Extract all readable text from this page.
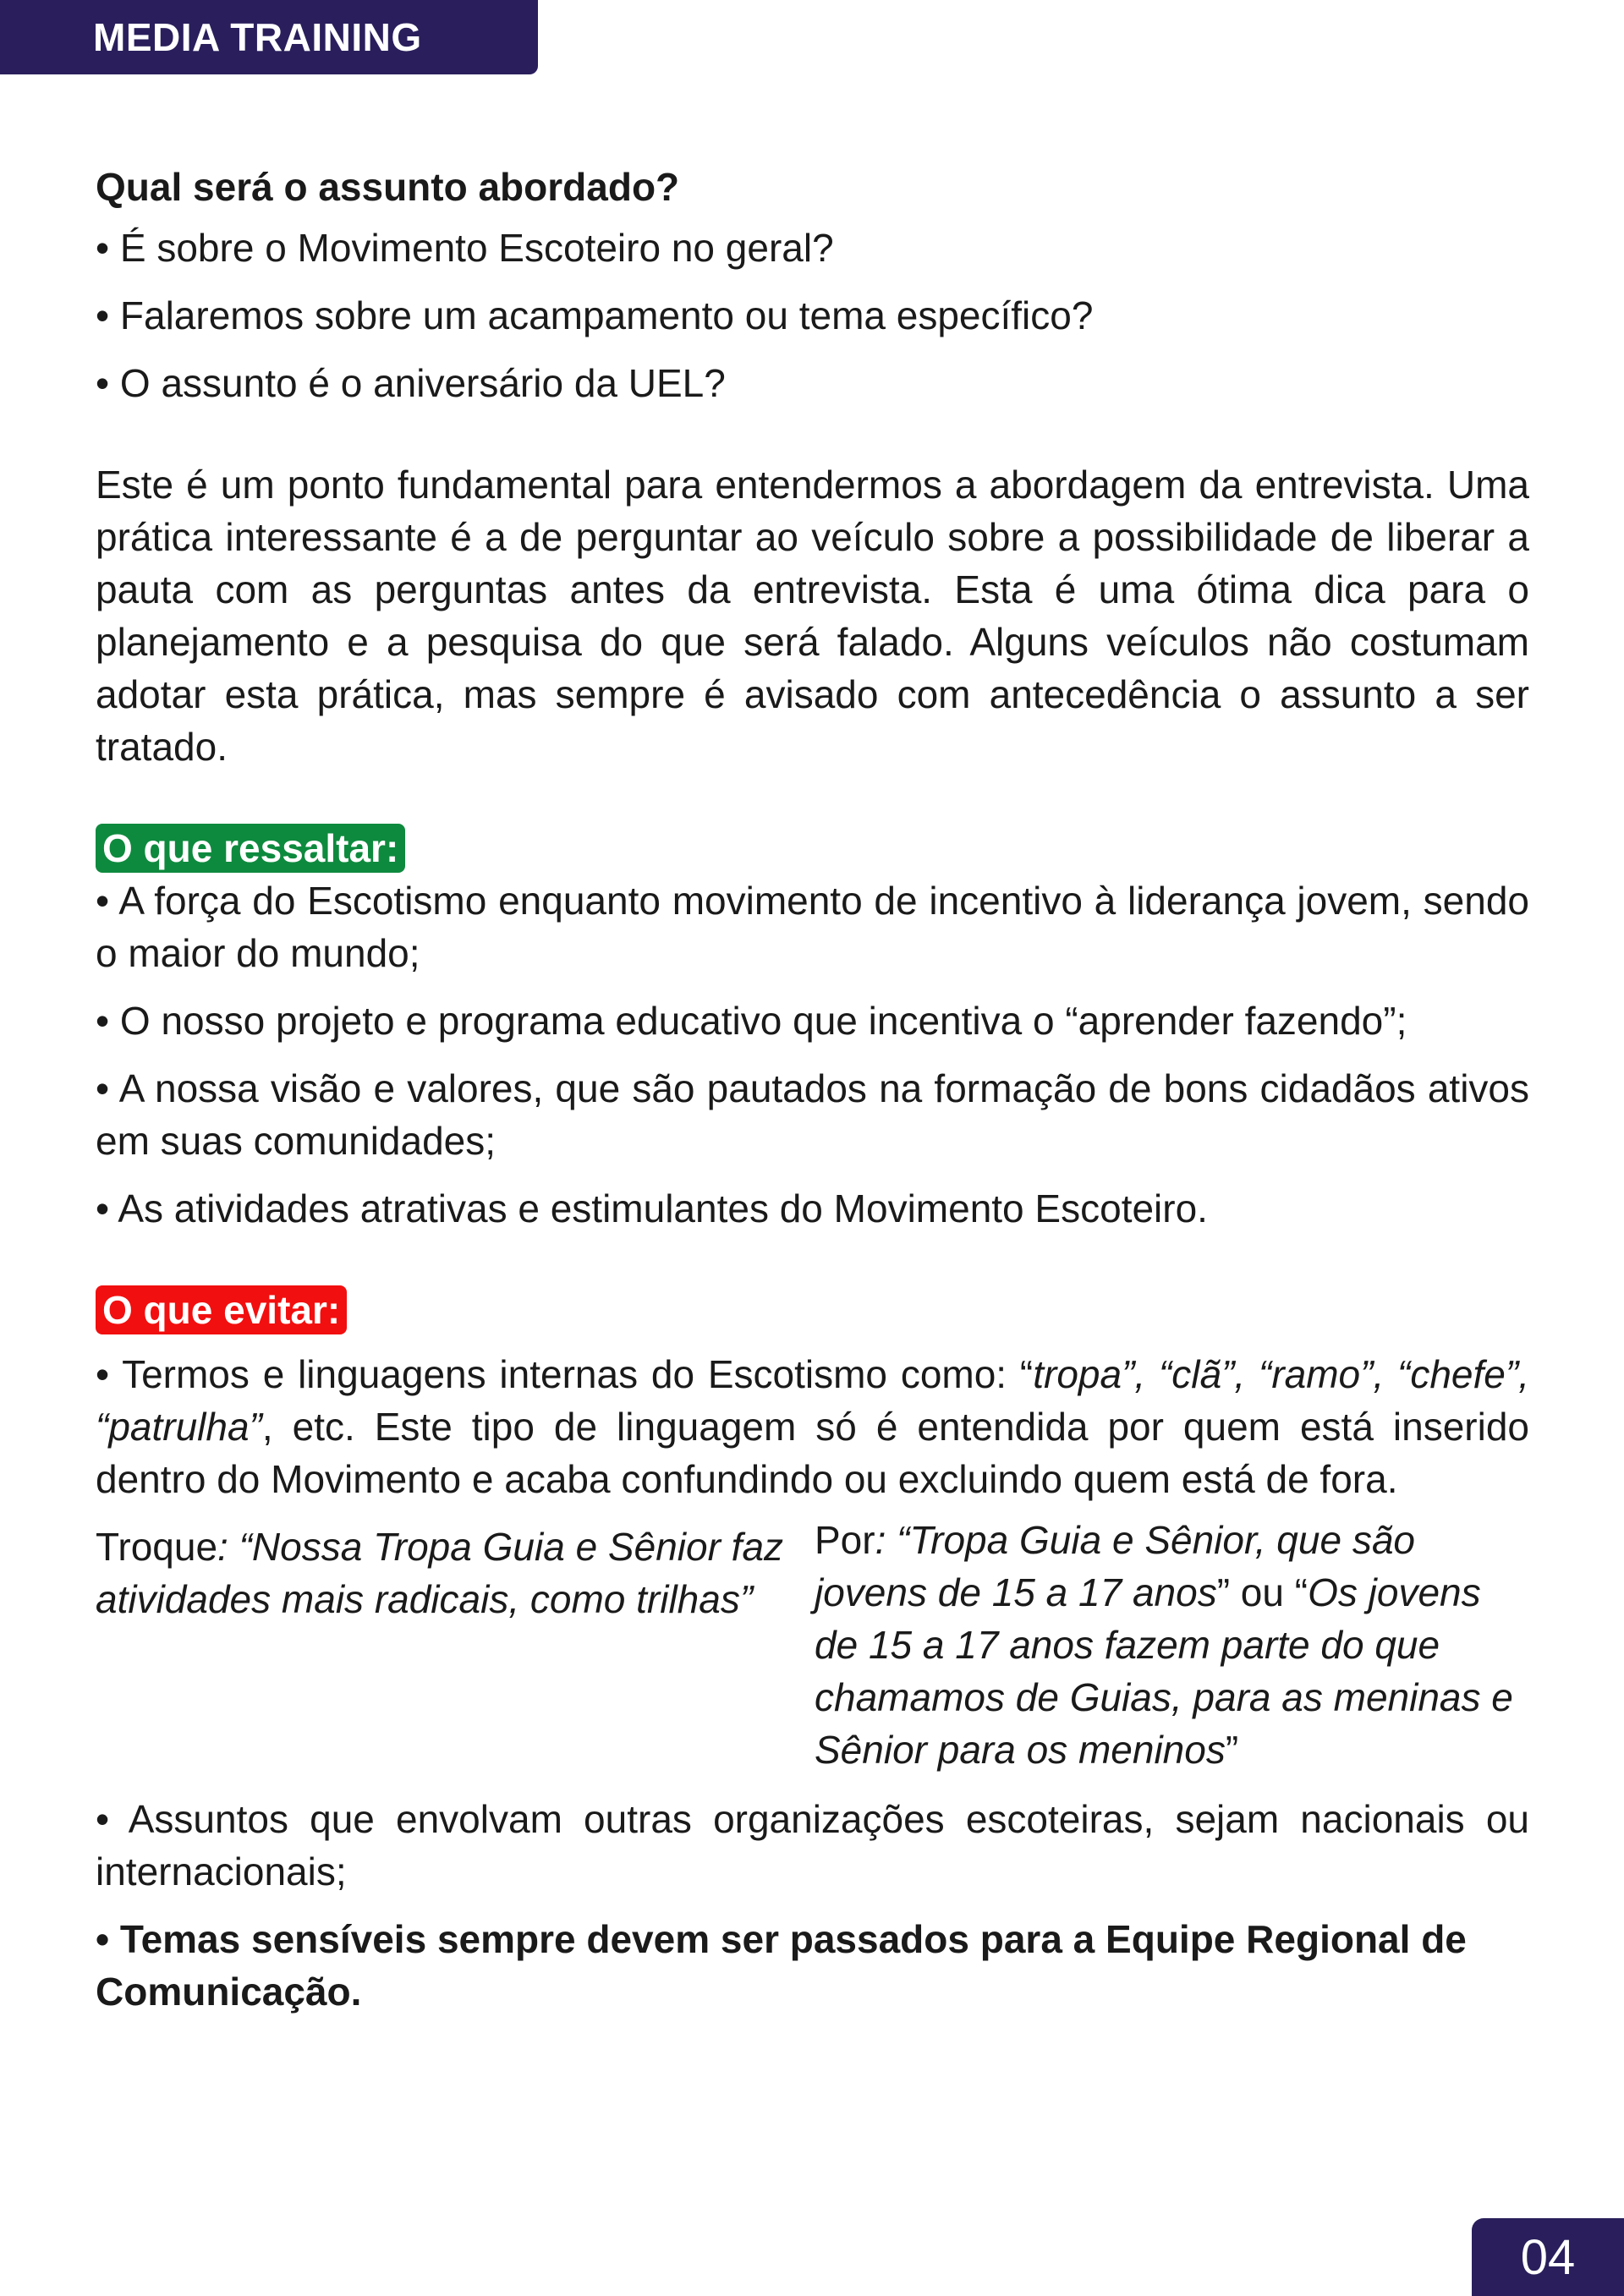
MEDIA TRAINING

Qual será o assunto abordado?

• É sobre o Movimento Escoteiro no geral?

• Falaremos sobre um acampamento ou tema específico?

• O assunto é o aniversário da UEL?

Este é um ponto fundamental para entendermos a abordagem da entrevista. Uma prática interessante é a de perguntar ao veículo sobre a possibilidade de liberar a pauta com as perguntas antes da entrevista. Esta é uma ótima dica para o planejamento e a pesquisa do que será falado. Alguns veículos não costumam adotar esta prática, mas sempre é avisado com antecedência o assunto a ser tratado.

O que ressaltar:

• A força do Escotismo enquanto movimento de incentivo à liderança jovem, sendo o maior do mundo;

• O nosso projeto e programa educativo que incentiva o “aprender fazendo”;

• A nossa visão e valores, que são pautados na formação de bons cidadãos ativos em suas comunidades;

• As atividades atrativas e estimulantes do Movimento Escoteiro.

O que evitar:

• Termos e linguagens internas do Escotismo como: “tropa”, “clã”, “ramo”, “chefe”, “patrulha”, etc. Este tipo de linguagem só é entendida por quem está inserido dentro do Movimento e acaba confundindo ou excluindo quem está de fora.

Troque: “Nossa Tropa Guia e Sênior faz atividades mais radicais, como trilhas”
Por: “Tropa Guia e Sênior, que são jovens de 15 a 17 anos” ou “Os jovens de 15 a 17 anos fazem parte do que chamamos de Guias, para as meninas e Sênior para os meninos”

• Assuntos que envolvam outras organizações escoteiras, sejam nacionais ou internacionais;

• Temas sensíveis sempre devem ser passados para a Equipe Regional de Comunicação.

04
